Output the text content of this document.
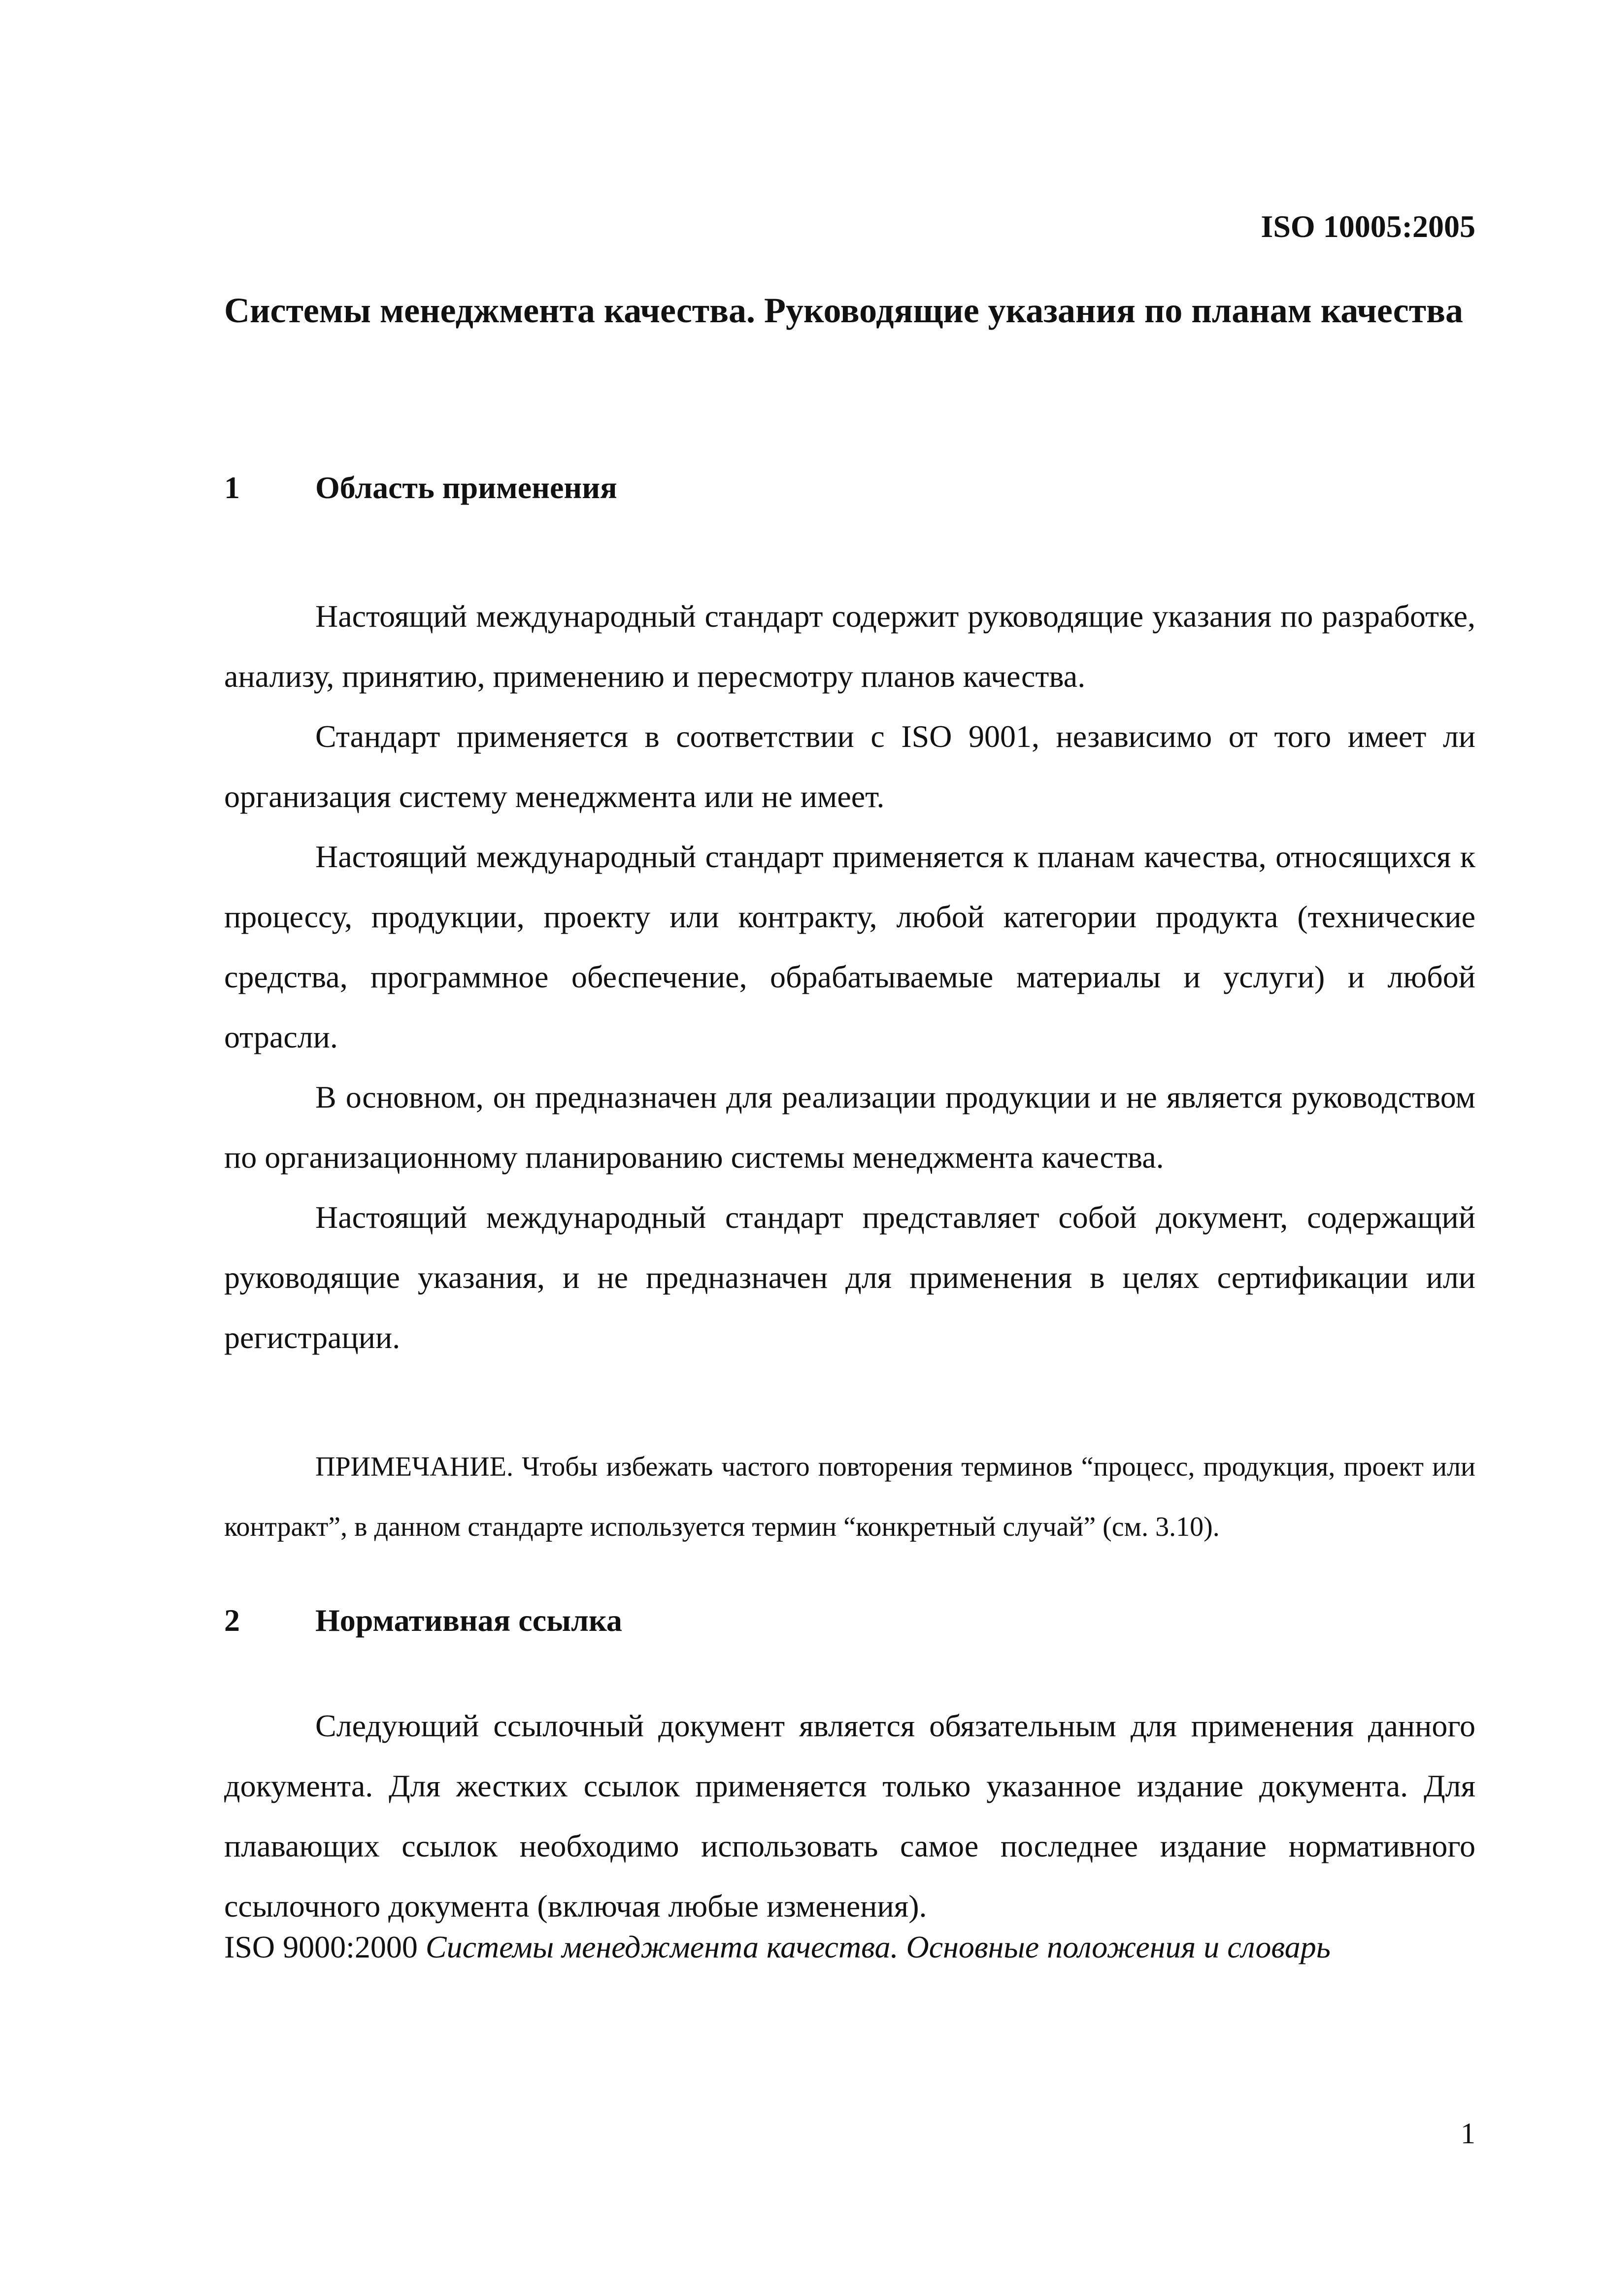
ISO 10005:2005
Системы менеджмента качества. Руководящие указания по планам качества
1 Область применения

Настоящий международный стандарт содержит руководящие указания по разработке, анализу, принятию, применению и пересмотру планов качества.

Стандарт применяется в соответствии с ISO 9001, независимо от того имеет ли организация систему менеджмента или не имеет.

Настоящий международный стандарт применяется к планам качества, относящихся к процессу, продукции, проекту или контракту, любой категории продукта (технические средства, программное обеспечение, обрабатываемые материалы и услуги) и любой отрасли.

В основном, он предназначен для реализации продукции и не является руководством по организационному планированию системы менеджмента качества.

Настоящий международный стандарт представляет собой документ, содержащий руководящие указания, и не предназначен для применения в целях сертификации или регистрации.

ПРИМЕЧАНИЕ. Чтобы избежать частого повторения терминов “процесс, продукция, проект или контракт”, в данном стандарте используется термин “конкретный случай” (см. 3.10).

2 Нормативная ссылка

Следующий ссылочный документ является обязательным для применения данного документа. Для жестких ссылок применяется только указанное издание документа. Для плавающих ссылок необходимо использовать самое последнее издание нормативного ссылочного документа (включая любые изменения).

ISO 9000:2000 Системы менеджмента качества. Основные положения и словарь

1
